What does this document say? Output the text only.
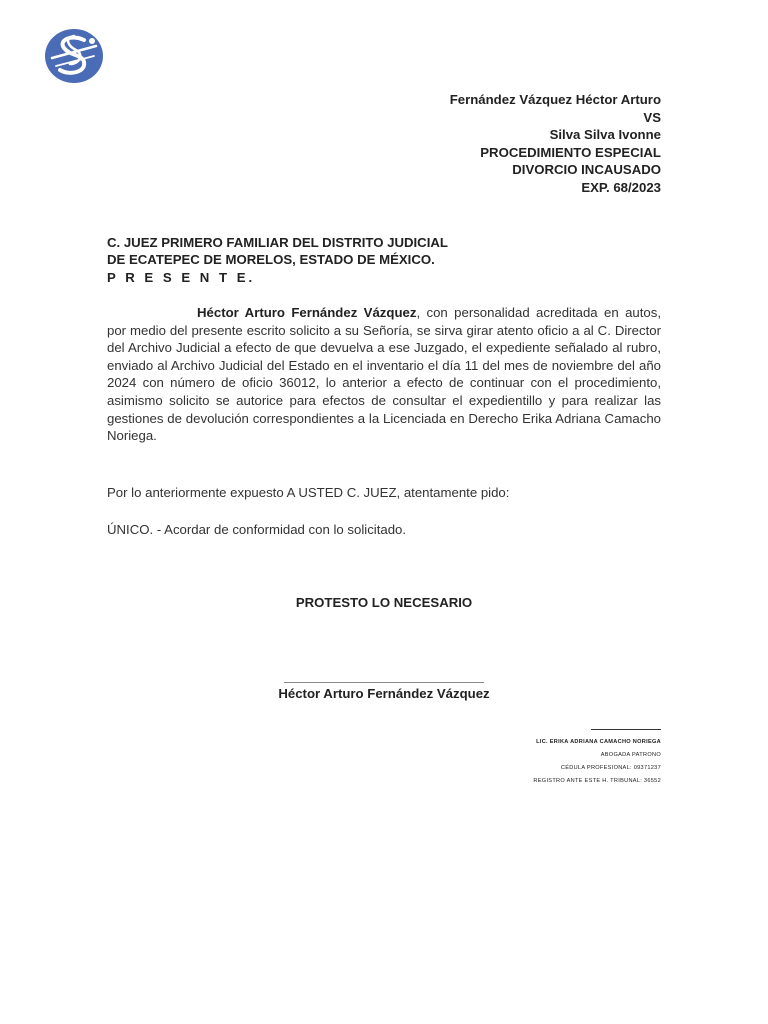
Fernández Vázquez Héctor Arturo
VS
Silva Silva Ivonne
PROCEDIMIENTO ESPECIAL
DIVORCIO INCAUSADO
EXP. 68/2023
C. JUEZ PRIMERO FAMILIAR DEL DISTRITO JUDICIAL
DE ECATEPEC DE MORELOS, ESTADO DE MÉXICO.
P R E S E N T E.
Héctor Arturo Fernández Vázquez, con personalidad acreditada en autos, por medio del presente escrito solicito a su Señoría, se sirva girar atento oficio a al C. Director del Archivo Judicial a efecto de que devuelva a ese Juzgado, el expediente señalado al rubro, enviado al Archivo Judicial del Estado en el inventario el día 11 del mes de noviembre del año 2024 con número de oficio 36012, lo anterior a efecto de continuar con el procedimiento, asimismo solicito se autorice para efectos de consultar el expedientillo y para realizar las gestiones de devolución correspondientes a la Licenciada en Derecho Erika Adriana Camacho Noriega.
Por lo anteriormente expuesto A USTED C. JUEZ, atentamente pido:
ÚNICO. - Acordar de conformidad con lo solicitado.
PROTESTO LO NECESARIO
Héctor Arturo Fernández Vázquez
LIC. ERIKA ADRIANA CAMACHO NORIEGA
ABOGADA PATRONO
CÉDULA PROFESIONAL: 09371237
REGISTRO ANTE ESTE H. TRIBUNAL: 36552
